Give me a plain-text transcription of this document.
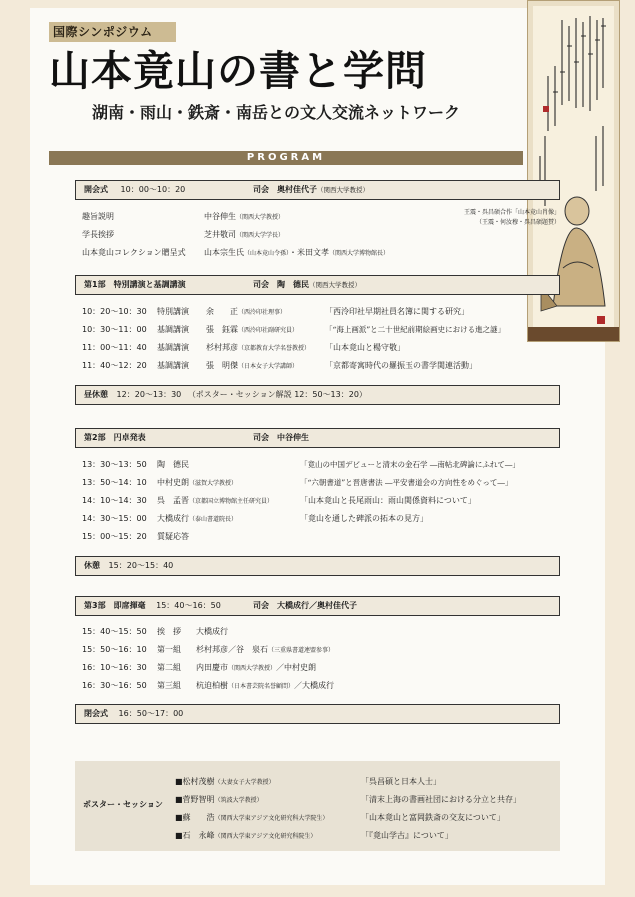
国際シンポジウム
山本竟山の書と学問
湖南・雨山・鉄斎・南岳との文人交流ネットワーク
PROGRAM
開会式 10：00〜10：20	司会　 奥村佳代子（関西大学教授）
王震・呉昌碩合作「山本竟山肖像」
（王震・何汝穆・呉昌碩題賛）
趣旨説明	中谷伸生（関西大学教授）
学長挨拶	芝井敬司（関西大学学長）
山本竟山コレクション贈呈式 山本宗生氏（山本竟山令孫）・米田文孝（関西大学博物館長）
第1部　特別講演と基調講演	司会　 陶　德民（関西大学教授）
10：20〜10：30 特別講演 余　　正（西泠印社理事）	「西泠印社早期社員名簿に関する研究」
10：30〜11：00 基調講演 張　鈺霖（西泠印社副研究員）	「“海上画派”と二十世紀前期絵画史における進之謎」
11：00〜11：40 基調講演 杉村邦彦（京都教育大学名誉教授） 「山本竟山と楊守敬」
11：40〜12：20 基調講演 張　明傑（日本女子大学講師）	「京都寄寓時代の羅振玉の書学関連活動」
昼休憩 12：20〜13：30 （ポスター・セッション解説 12：50〜13：20）
第2部　円卓発表	司会　 中谷伸生
13：30〜13：50 陶　德民	「竟山の中国デビューと清末の金石学 ―南帖北碑論にふれて―」
13：50〜14：10 中村史朗（滋賀大学教授）	「“六朝書道”と晋唐書法 ―平安書道会の方向性をめぐって―」
14：10〜14：30 呉　孟晋（京都国立博物館主任研究員）	「山本竟山と長尾雨山：雨山関係資料について」
14：30〜15：00 大橋成行（泰山書道院長）	「竟山を通した碑派の拓本の見方」
15：00〜15：20 質疑応答
休憩 15：20〜15：40
第3部　即席揮毫 15：40〜16：50	司会　 大橋成行／奥村佳代子
15：40〜15：50 挨　拶 大橋成行
15：50〜16：10 第一組 杉村邦彦／谷　泉石（三重県書道連盟参事）
16：10〜16：30 第二組 内田慶市（関西大学教授）／中村史朗
16：30〜16：50 第三組 杭迫柏樹（日本書芸院名誉顧問）／大橋成行
閉会式 16：50〜17：00
ポスター・セッション
■松村茂樹（大妻女子大学教授）	「呉昌碩と日本人士」
■菅野智明（筑波大学教授）	「清末上海の書画社団における分立と共存」
■蘇　　浩（関西大学東アジア文化研究科大学院生）	「山本竟山と富岡鉄斎の交友について」
■石　永峰（関西大学東アジア文化研究科院生）	「『竟山学古』について」
